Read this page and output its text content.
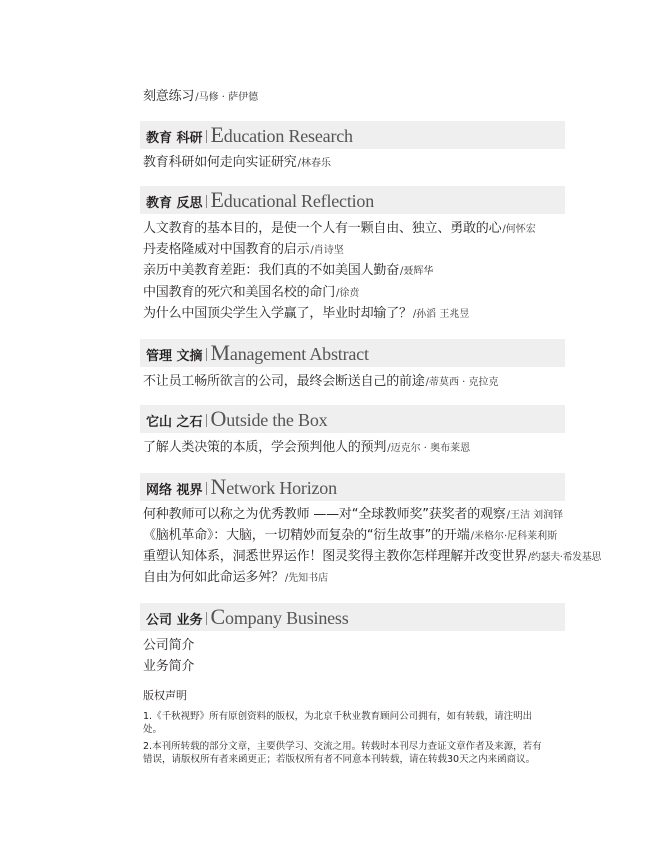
刻意练习/马修 · 萨伊德
教育 科研 Education Research
教育科研如何走向实证研究/林春乐
教育 反思 Educational Reflection
人文教育的基本目的，是使一个人有一颗自由、独立、勇敢的心/何怀宏
丹麦格隆威对中国教育的启示/肖诗坚
亲历中美教育差距：我们真的不如美国人勤奋/聂辉华
中国教育的死穴和美国名校的命门/徐贲
为什么中国顶尖学生入学赢了，毕业时却输了？/孙滔 王兆昱
管理 文摘 Management Abstract
不让员工畅所欲言的公司，最终会断送自己的前途/蒂莫西 · 克拉克
它山 之石 Outside the Box
了解人类决策的本质，学会预判他人的预判/迈克尔 · 奥布莱恩
网络 视界 Network Horizon
何种教师可以称之为优秀教师 ——对“全球教师奖”获奖者的观察/王洁 刘润铎
《脑机革命》：大脑，一切精妙而复杂的“衍生故事”的开端/米格尔·尼科莱利斯
重塑认知体系，洞悉世界运作！图灵奖得主教你怎样理解并改变世界/约瑟夫·希发基思
自由为何如此命运多舛？/先知书店
公司 业务 Company Business
公司简介
业务简介
版权声明

1.《千秋视野》所有原创资料的版权，为北京千秋业教育顾问公司拥有，如有转载，请注明出处。

2.本刊所转载的部分文章，主要供学习、交流之用。转载时本刊尽力查证文章作者及来源，若有错误，请版权所有者来函更正；若版权所有者不同意本刊转载，请在转载30天之内来函商议。
